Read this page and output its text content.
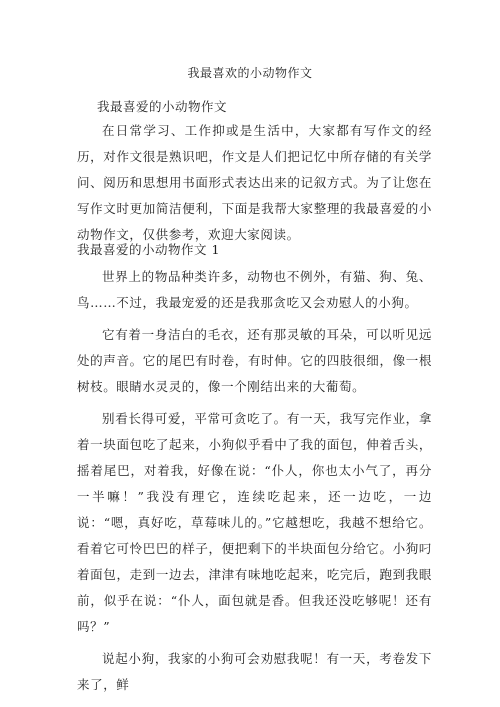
我最喜欢的小动物作文
我最喜爱的小动物作文

在日常学习、工作抑或是生活中，大家都有写作文的经历，对作文很是熟识吧，作文是人们把记忆中所存储的有关学问、阅历和思想用书面形式表达出来的记叙方式。为了让您在写作文时更加简洁便利，下面是我帮大家整理的我最喜爱的小动物作文，仅供参考，欢迎大家阅读。

我最喜爱的小动物作文 1

世界上的物品种类许多，动物也不例外，有猫、狗、兔、鸟……不过，我最宠爱的还是我那贪吃又会劝慰人的小狗。

它有着一身洁白的毛衣，还有那灵敏的耳朵，可以听见远处的声音。它的尾巴有时卷，有时伸。它的四肢很细，像一根树枝。眼睛水灵灵的，像一个刚结出来的大葡萄。

别看长得可爱，平常可贪吃了。有一天，我写完作业，拿着一块面包吃了起来，小狗似乎看中了我的面包，伸着舌头，摇着尾巴，对着我，好像在说：“仆人，你也太小气了，再分一半嘛！”我没有理它，连续吃起来，还一边吃，一边说：“嗯，真好吃，草莓味儿的。”它越想吃，我越不想给它。看着它可怜巴巴的样子，便把剩下的半块面包分给它。小狗叼着面包，走到一边去，津津有味地吃起来，吃完后，跑到我眼前，似乎在说：“仆人，面包就是香。但我还没吃够呢！还有吗？”

说起小狗，我家的小狗可会劝慰我呢！有一天，考卷发下来了，鲜
